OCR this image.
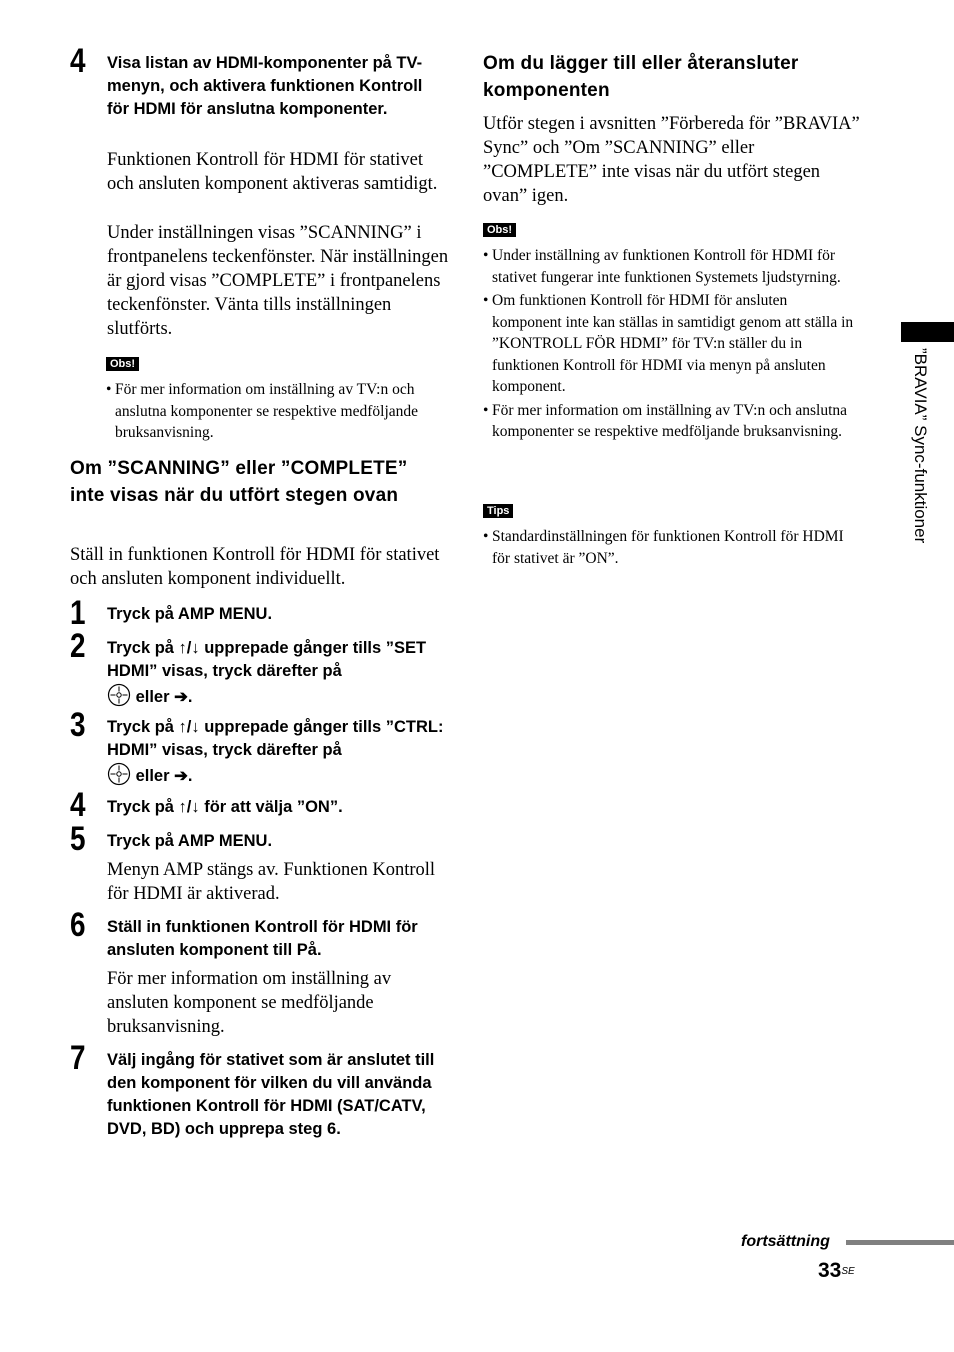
4 Visa listan av HDMI-komponenter på TV-menyn, och aktivera funktionen Kontroll för HDMI för anslutna komponenter.
Funktionen Kontroll för HDMI för stativet och ansluten komponent aktiveras samtidigt.
Under inställningen visas ”SCANNING” i frontpanelens teckenfönster. När inställningen är gjord visas ”COMPLETE” i frontpanelens teckenfönster. Vänta tills inställningen slutförts.
Obs!
• För mer information om inställning av TV:n och anslutna komponenter se respektive medföljande bruksanvisning.
Om ”SCANNING” eller ”COMPLETE” inte visas när du utfört stegen ovan
Ställ in funktionen Kontroll för HDMI för stativet och ansluten komponent individuellt.
1 Tryck på AMP MENU.
2 Tryck på ↑/↓ upprepade gånger tills ”SET HDMI” visas, tryck därefter på
eller ➔.
3 Tryck på ↑/↓ upprepade gånger tills ”CTRL: HDMI” visas, tryck därefter på
eller ➔.
4 Tryck på ↑/↓ för att välja ”ON”.
5 Tryck på AMP MENU.
Menyn AMP stängs av. Funktionen Kontroll för HDMI är aktiverad.
6 Ställ in funktionen Kontroll för HDMI för ansluten komponent till På.
För mer information om inställning av ansluten komponent se medföljande bruksanvisning.
7 Välj ingång för stativet som är anslutet till den komponent för vilken du vill använda funktionen Kontroll för HDMI (SAT/CATV, DVD, BD) och upprepa steg 6.
Om du lägger till eller återansluter komponenten
Utför stegen i avsnitten ”Förbereda för ”BRAVIA” Sync” och ”Om ”SCANNING” eller ”COMPLETE” inte visas när du utfört stegen ovan” igen.
Obs!
• Under inställning av funktionen Kontroll för HDMI för stativet fungerar inte funktionen Systemets ljudstyrning.
• Om funktionen Kontroll för HDMI för ansluten komponent inte kan ställas in samtidigt genom att ställa in ”KONTROLL FÖR HDMI” för TV:n ställer du in funktionen Kontroll för HDMI via menyn på ansluten komponent.
• För mer information om inställning av TV:n och anslutna komponenter se respektive medföljande bruksanvisning.
Tips
• Standardinställningen för funktionen Kontroll för HDMI för stativet är ”ON”.
”BRAVIA” Sync-funktioner
fortsättning
$33^{SE}$
